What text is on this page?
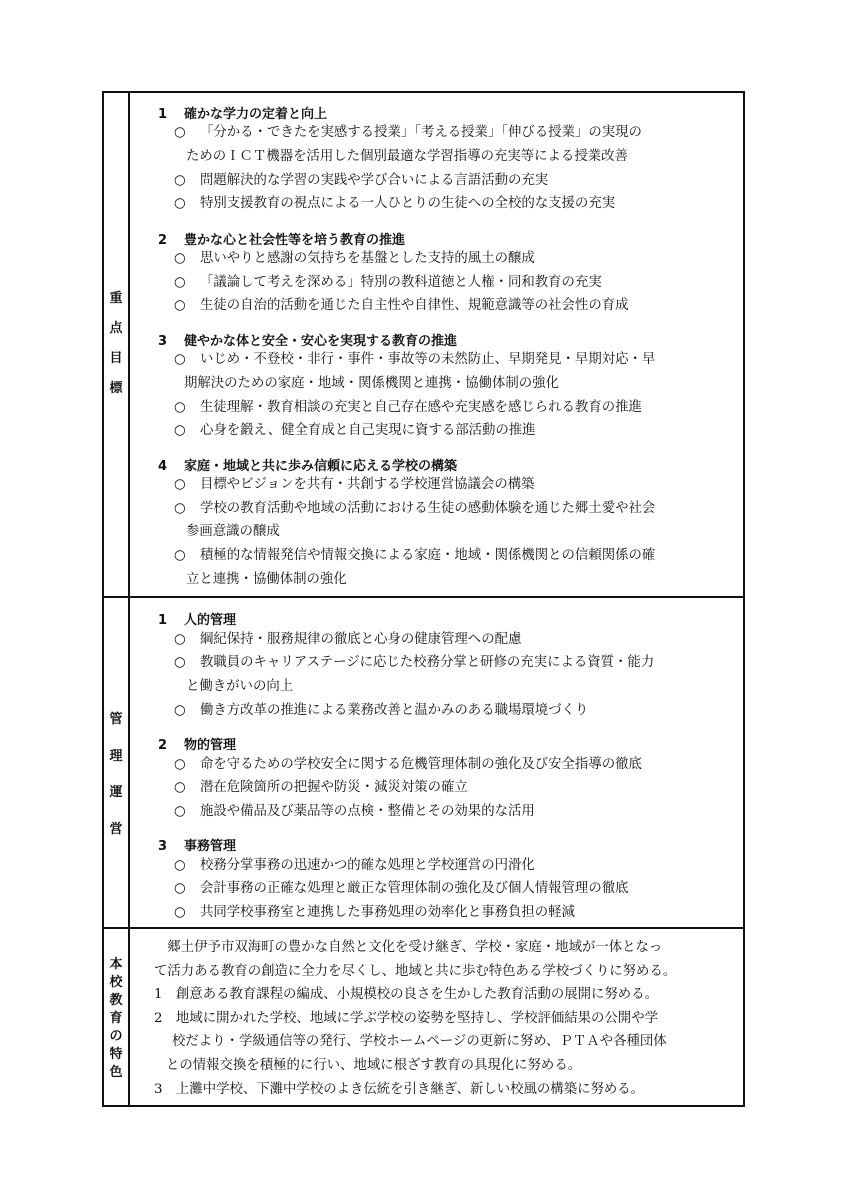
重
点
目
標
1 確かな学力の定着と向上
○ 「分かる・できたを実感する授業」「考える授業」「伸びる授業」の実現の
ためのＩＣＴ機器を活用した個別最適な学習指導の充実等による授業改善
○ 問題解決的な学習の実践や学び合いによる言語活動の充実
○ 特別支援教育の視点による一人ひとりの生徒への全校的な支援の充実
2 豊かな心と社会性等を培う教育の推進
○ 思いやりと感謝の気持ちを基盤とした支持的風土の醸成
○ 「議論して考えを深める」特別の教科道徳と人権・同和教育の充実
○ 生徒の自治的活動を通じた自主性や自律性、規範意識等の社会性の育成
3 健やかな体と安全・安心を実現する教育の推進
○ いじめ・不登校・非行・事件・事故等の未然防止、早期発見・早期対応・早
期解決のための家庭・地域・関係機関と連携・協働体制の強化
○ 生徒理解・教育相談の充実と自己存在感や充実感を感じられる教育の推進
○ 心身を鍛え、健全育成と自己実現に資する部活動の推進
4 家庭・地域と共に歩み信頼に応える学校の構築
○ 目標やビジョンを共有・共創する学校運営協議会の構築
○ 学校の教育活動や地域の活動における生徒の感動体験を通じた郷土愛や社会
参画意識の醸成
○ 積極的な情報発信や情報交換による家庭・地域・関係機関との信頼関係の確
立と連携・協働体制の強化
管
理
運
営
1 人的管理
○ 綱紀保持・服務規律の徹底と心身の健康管理への配慮
○ 教職員のキャリアステージに応じた校務分掌と研修の充実による資質・能力
と働きがいの向上
○ 働き方改革の推進による業務改善と温かみのある職場環境づくり
2 物的管理
○ 命を守るための学校安全に関する危機管理体制の強化及び安全指導の徹底
○ 潜在危険箇所の把握や防災・減災対策の確立
○ 施設や備品及び薬品等の点検・整備とその効果的な活用
3 事務管理
○ 校務分掌事務の迅速かつ的確な処理と学校運営の円滑化
○ 会計事務の正確な処理と厳正な管理体制の強化及び個人情報管理の徹底
○ 共同学校事務室と連携した事務処理の効率化と事務負担の軽減
本
校
教
育
の
特
色
　郷土伊予市双海町の豊かな自然と文化を受け継ぎ、学校・家庭・地域が一体となっ
て活力ある教育の創造に全力を尽くし、地域と共に歩む特色ある学校づくりに努める。
1　創意ある教育課程の編成、小規模校の良さを生かした教育活動の展開に努める。
2　地域に開かれた学校、地域に学ぶ学校の姿勢を堅持し、学校評価結果の公開や学
校だより・学級通信等の発行、学校ホームページの更新に努め、ＰＴＡや各種団体
との情報交換を積極的に行い、地域に根ざす教育の具現化に努める。
3　上灘中学校、下灘中学校のよき伝統を引き継ぎ、新しい校風の構築に努める。
